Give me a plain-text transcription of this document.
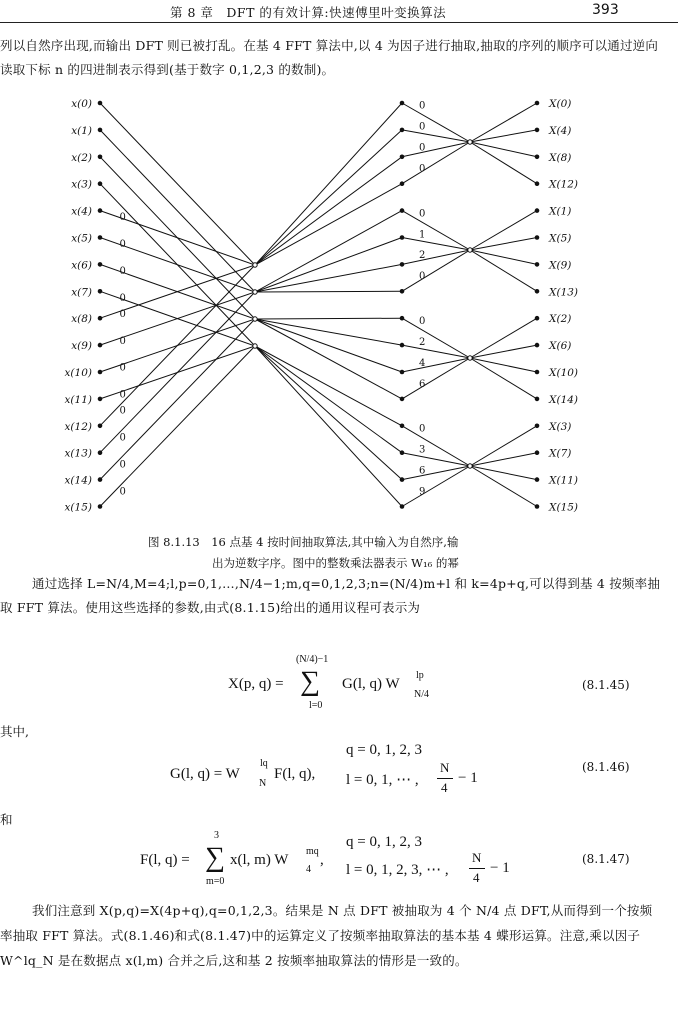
第 8 章　DFT 的有效计算:快速傅里叶变换算法	393

列以自然序出现,而输出 DFT 则已被打乱。在基 4 FFT 算法中,以 4 为因子进行抽取,抽取的序列的顺序可以通过逆向读取下标 n 的四进制表示得到(基于数字 0,1,2,3 的数制)。

0
0
0
0
0
0
0
0
0
0
0
0
0
0
0
0
0
1
2
0
0
2
4
6
0
3
6
9
x(0)	X(0)
x(1)	X(4)
x(2)	X(8)
x(3)	X(12)
x(4)	X(1)
x(5)	X(5)
x(6)	X(9)
x(7)	X(13)
x(8)	X(2)
x(9)	X(6)
x(10)	X(10)
x(11)	X(14)
x(12)	X(3)
x(13)	X(7)
x(14)	X(11)
x(15)	X(15)
图 8.1.13　16 点基 4 按时间抽取算法,其中输入为自然序,输
出为逆数字序。图中的整数乘法器表示 W₁₆ 的幂

通过选择 L=N/4,M=4;l,p=0,1,…,N/4−1;m,q=0,1,2,3;n=(N/4)m+l 和 k=4p+q,可以得到基 4 按频率抽取 FFT 算法。使用这些选择的参数,由式(8.1.15)给出的通用议程可表示为

X(p, q) =
(N/4)−1
∑
l=0
G(l, q) W
lp
N/4
(8.1.45)

其中,

G(l, q) = W
lq
N
F(l, q),
q = 0, 1, 2, 3
l = 0, 1, ⋯ ,
N
4
− 1
(8.1.46)

和

F(l, q) =
3
∑
m=0
x(l, m) W
mq
4
,
q = 0, 1, 2, 3
l = 0, 1, 2, 3, ⋯ ,
N
4
− 1
(8.1.47)

我们注意到 X(p,q)=X(4p+q),q=0,1,2,3。结果是 N 点 DFT 被抽取为 4 个 N/4 点 DFT,从而得到一个按频率抽取 FFT 算法。式(8.1.46)和式(8.1.47)中的运算定义了按频率抽取算法的基本基 4 蝶形运算。注意,乘以因子 W^lq_N 是在数据点 x(l,m) 合并之后,这和基 2 按频率抽取算法的情形是一致的。
